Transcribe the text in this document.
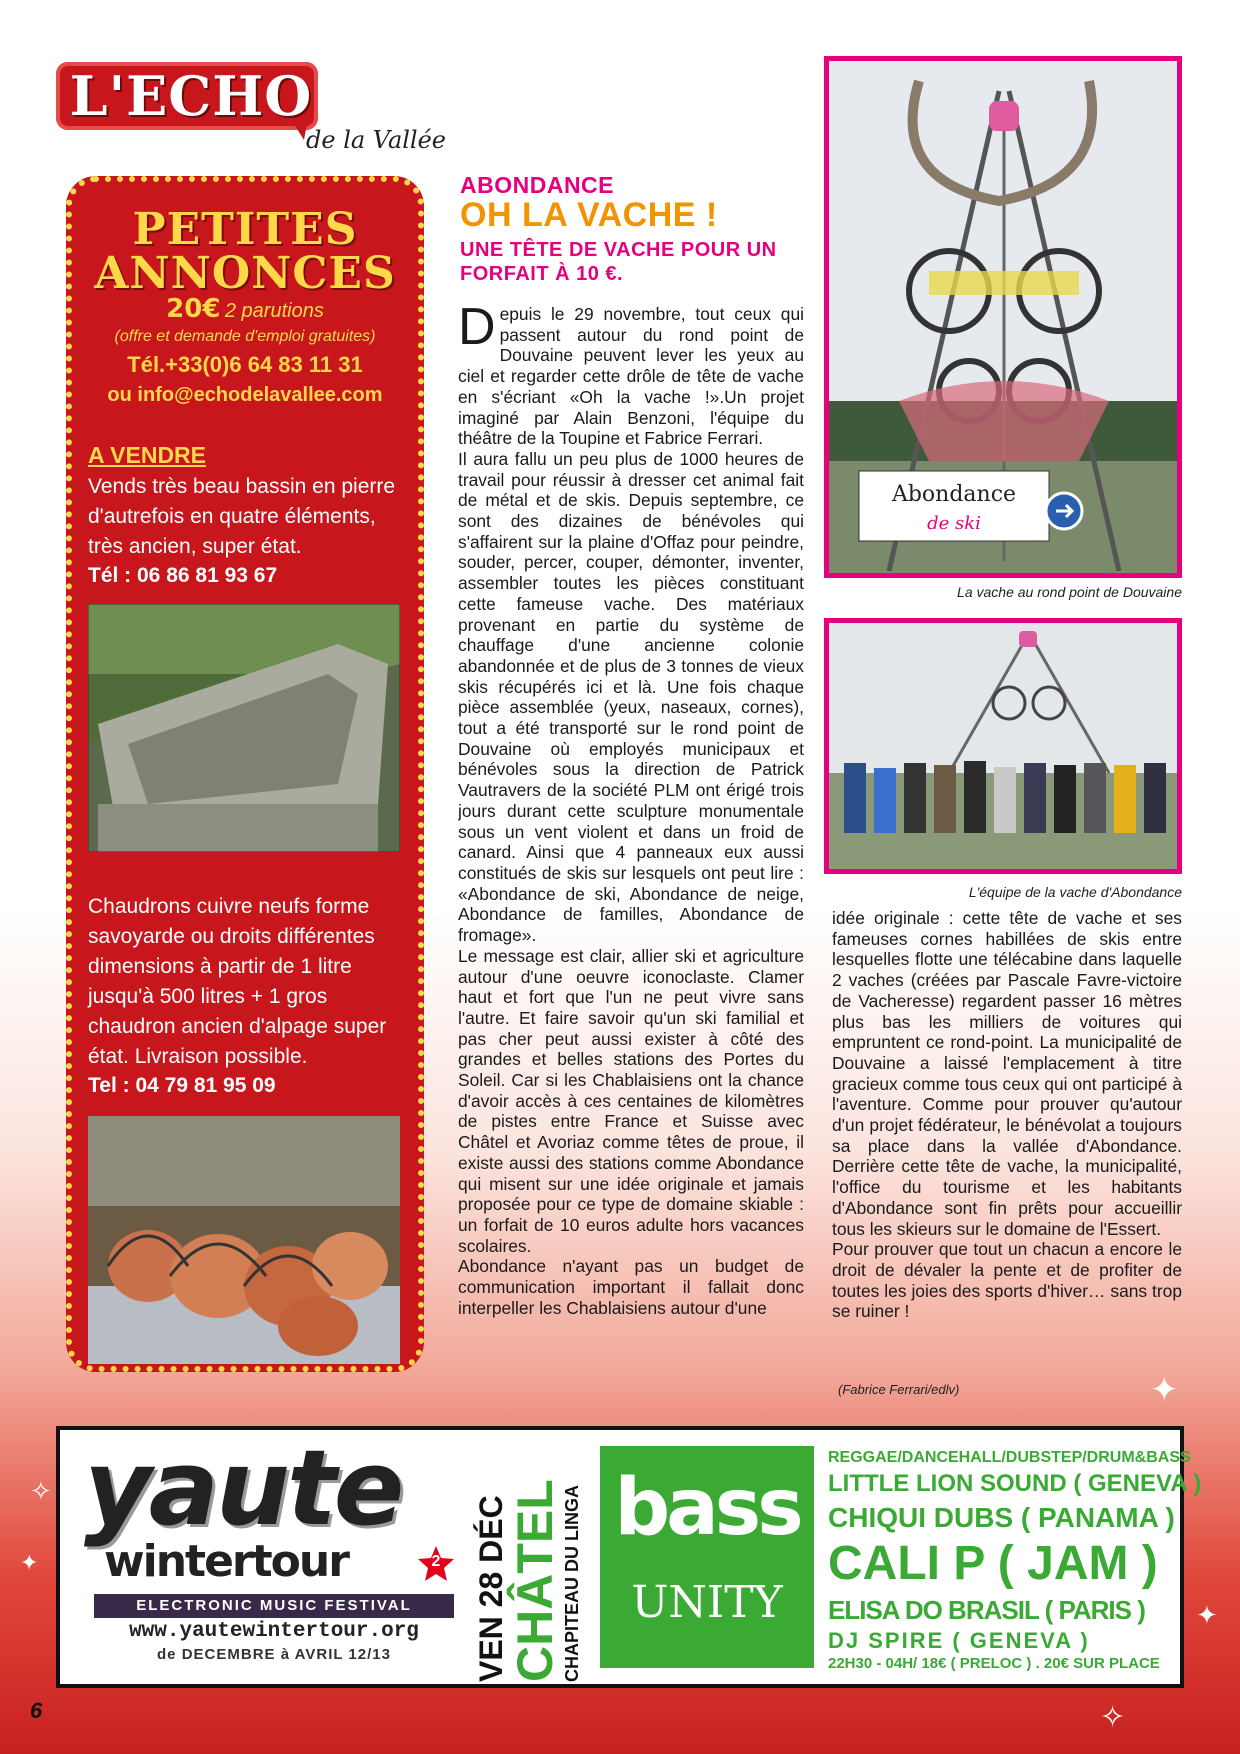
L'ECHO
de la Vallée
PETITES ANNONCES
20€ 2 parutions
(offre et demande d'emploi gratuites)
Tél.+33(0)6 64 83 11 31
ou info@echodelavallee.com
A VENDRE
Vends très beau bassin en pierre
d'autrefois en quatre éléments,
très ancien, super état.
Tél : 06 86 81 93 67
Chaudrons cuivre neufs forme
savoyarde ou droits différentes
dimensions à partir de 1 litre
jusqu'à 500 litres + 1 gros
chaudron ancien d'alpage super
état. Livraison possible.
Tel : 04 79 81 95 09
ABONDANCE
OH LA VACHE !
UNE TÊTE DE VACHE POUR UN FORFAIT À 10 €.

Depuis le 29 novembre, tout ceux qui passent autour du rond point de Douvaine peuvent lever les yeux au ciel et regarder cette drôle de tête de vache en s'écriant «Oh la vache !».Un projet imaginé par Alain Benzoni, l'équipe du théâtre de la Toupine et Fabrice Ferrari.

Il aura fallu un peu plus de 1000 heures de travail pour réussir à dresser cet animal fait de métal et de skis. Depuis septembre, ce sont des dizaines de bénévoles qui s'affairent sur la plaine d'Offaz pour peindre, souder, percer, couper, démonter, inventer, assembler toutes les pièces constituant cette fameuse vache. Des matériaux provenant en partie du système de chauffage d'une ancienne colonie abandonnée et de plus de 3 tonnes de vieux skis récupérés ici et là. Une fois chaque pièce assemblée (yeux, naseaux, cornes), tout a été transporté sur le rond point de Douvaine où employés municipaux et bénévoles sous la direction de Patrick Vautravers de la société PLM ont érigé trois jours durant cette sculpture monumentale sous un vent violent et dans un froid de canard. Ainsi que 4 panneaux eux aussi constitués de skis sur lesquels ont peut lire : «Abondance de ski, Abondance de neige, Abondance de familles, Abondance de fromage».

Le message est clair, allier ski et agriculture autour d'une oeuvre iconoclaste. Clamer haut et fort que l'un ne peut vivre sans l'autre. Et faire savoir qu'un ski familial et pas cher peut aussi exister à côté des grandes et belles stations des Portes du Soleil. Car si les Chablaisiens ont la chance d'avoir accès à ces centaines de kilomètres de pistes entre France et Suisse avec Châtel et Avoriaz comme têtes de proue, il existe aussi des stations comme Abondance qui misent sur une idée originale et jamais proposée pour ce type de domaine skiable : un forfait de 10 euros adulte hors vacances scolaires.

Abondance n'ayant pas un budget de communication important il fallait donc interpeller les Chablaisiens autour d'une

Abondance
de ski
La vache au rond point de Douvaine
L'équipe de la vache d'Abondance

idée originale : cette tête de vache et ses fameuses cornes habillées de skis entre lesquelles flotte une télécabine dans laquelle 2 vaches (créées par Pascale Favre-victoire de Vacheresse) regardent passer 16 mètres plus bas les milliers de voitures qui empruntent ce rond-point. La municipalité de Douvaine a laissé l'emplacement à titre gracieux comme tous ceux qui ont participé à l'aventure. Comme pour prouver qu'autour d'un projet fédérateur, le bénévolat a toujours sa place dans la vallée d'Abondance. Derrière cette tête de vache, la municipalité, l'office du tourisme et les habitants d'Abondance sont fin prêts pour accueillir tous les skieurs sur le domaine de l'Essert.

Pour prouver que tout un chacun a encore le droit de dévaler la pente et de profiter de toutes les joies des sports d'hiver… sans trop se ruiner !

(Fabrice Ferrari/edlv)	✦
✧
✦
✦
✧
yaute
wintertour	2
ELECTRONIC MUSIC FESTIVAL
www.yautewintertour.org
de DECEMBRE à AVRIL 12/13	VEN 28 DÉC
CHÂTEL CHAPITEAU DU LINGA bass
UNITY
REGGAE/DANCEHALL/DUBSTEP/DRUM&BASS
LITTLE LION SOUND ( GENEVA )
CHIQUI DUBS ( PANAMA )
CALI P ( JAM )
ELISA DO BRASIL ( PARIS )
DJ SPIRE ( GENEVA )
22H30 - 04H/ 18€ ( PRELOC ) . 20€ SUR PLACE
6
